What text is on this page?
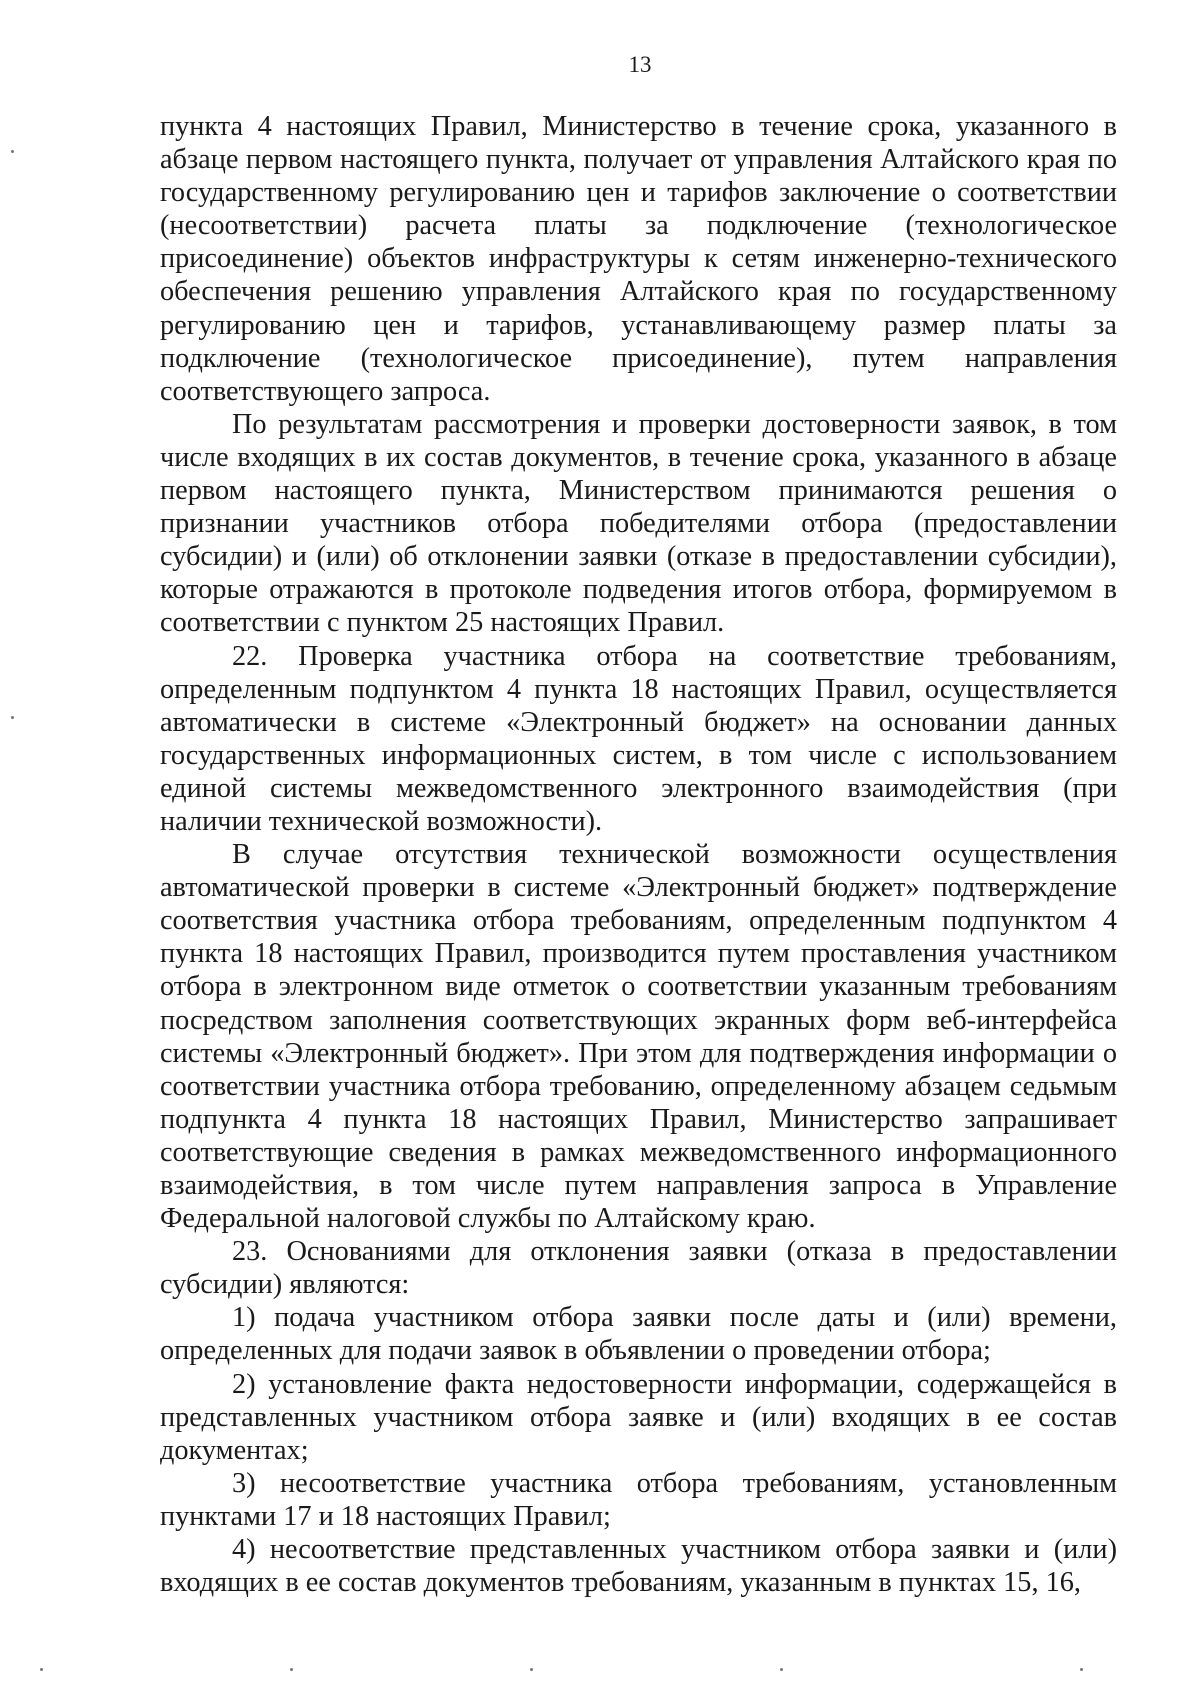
13

пункта 4 настоящих Правил, Министерство в течение срока, указанного в абзаце первом настоящего пункта, получает от управления Алтайского края по государственному регулированию цен и тарифов заключение о соответствии (несоответствии) расчета платы за подключение (технологическое присоединение) объектов инфраструктуры к сетям инженерно-технического обеспечения решению управления Алтайского края по государственному регулированию цен и тарифов, устанавливающему размер платы за подключение (технологическое присоединение), путем направления соответствующего запроса.

По результатам рассмотрения и проверки достоверности заявок, в том числе входящих в их состав документов, в течение срока, указанного в абзаце первом настоящего пункта, Министерством принимаются решения о признании участников отбора победителями отбора (предоставлении субсидии) и (или) об отклонении заявки (отказе в предоставлении субсидии), которые отражаются в протоколе подведения итогов отбора, формируемом в соответствии с пунктом 25 настоящих Правил.

22. Проверка участника отбора на соответствие требованиям, определенным подпунктом 4 пункта 18 настоящих Правил, осуществляется автоматически в системе «Электронный бюджет» на основании данных государственных информационных систем, в том числе с использованием единой системы межведомственного электронного взаимодействия (при наличии технической возможности).

В случае отсутствия технической возможности осуществления автоматической проверки в системе «Электронный бюджет» подтверждение соответствия участника отбора требованиям, определенным подпунктом 4 пункта 18 настоящих Правил, производится путем проставления участником отбора в электронном виде отметок о соответствии указанным требованиям посредством заполнения соответствующих экранных форм веб-интерфейса системы «Электронный бюджет». При этом для подтверждения информации о соответствии участника отбора требованию, определенному абзацем седьмым подпункта 4 пункта 18 настоящих Правил, Министерство запрашивает соответствующие сведения в рамках межведомственного информационного взаимодействия, в том числе путем направления запроса в Управление Федеральной налоговой службы по Алтайскому краю.

23. Основаниями для отклонения заявки (отказа в предоставлении субсидии) являются:

1) подача участником отбора заявки после даты и (или) времени, определенных для подачи заявок в объявлении о проведении отбора;

2) установление факта недостоверности информации, содержащейся в представленных участником отбора заявке и (или) входящих в ее состав документах;

3) несоответствие участника отбора требованиям, установленным пунктами 17 и 18 настоящих Правил;

4) несоответствие представленных участником отбора заявки и (или) входящих в ее состав документов требованиям, указанным в пунктах 15, 16,
